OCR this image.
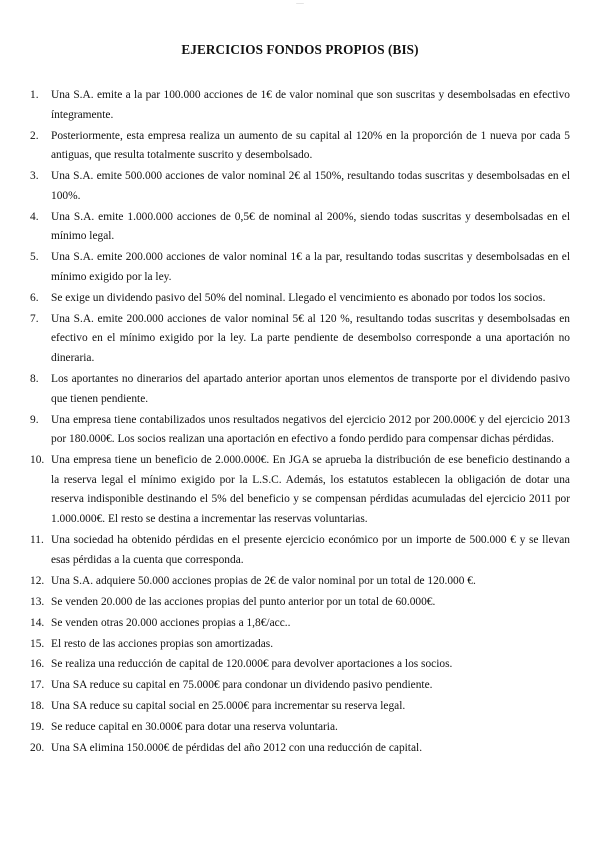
___
EJERCICIOS FONDOS PROPIOS (BIS)
1. Una S.A. emite a la par 100.000 acciones de 1€ de valor nominal que son suscritas y desembolsadas en efectivo íntegramente.
2. Posteriormente, esta empresa realiza un aumento de su capital al 120% en la proporción de 1 nueva por cada 5 antiguas, que resulta totalmente suscrito y desembolsado.
3. Una S.A. emite 500.000 acciones de valor nominal 2€ al 150%, resultando todas suscritas y desembolsadas en el 100%.
4. Una S.A. emite 1.000.000 acciones de 0,5€ de nominal al 200%, siendo todas suscritas y desembolsadas en el mínimo legal.
5. Una S.A. emite 200.000 acciones de valor nominal 1€ a la par, resultando todas suscritas y desembolsadas en el mínimo exigido por la ley.
6. Se exige un dividendo pasivo del 50% del nominal. Llegado el vencimiento es abonado por todos los socios.
7. Una S.A. emite 200.000 acciones de valor nominal 5€ al 120 %, resultando todas suscritas y desembolsadas en efectivo en el mínimo exigido por la ley. La parte pendiente de desembolso corresponde a una aportación no dineraria.
8. Los aportantes no dinerarios del apartado anterior aportan unos elementos de transporte por el dividendo pasivo que tienen pendiente.
9. Una empresa tiene contabilizados unos resultados negativos del ejercicio 2012 por 200.000€ y del ejercicio 2013 por 180.000€. Los socios realizan una aportación en efectivo a fondo perdido para compensar dichas pérdidas.
10. Una empresa tiene un beneficio de 2.000.000€. En JGA se aprueba la distribución de ese beneficio destinando a la reserva legal el mínimo exigido por la L.S.C. Además, los estatutos establecen la obligación de dotar una reserva indisponible destinando el 5% del beneficio y se compensan pérdidas acumuladas del ejercicio 2011 por 1.000.000€. El resto se destina a incrementar las reservas voluntarias.
11. Una sociedad ha obtenido pérdidas en el presente ejercicio económico por un importe de 500.000 € y se llevan esas pérdidas a la cuenta que corresponda.
12. Una S.A. adquiere 50.000 acciones propias de 2€ de valor nominal por un total de 120.000 €.
13. Se venden 20.000 de las acciones propias del punto anterior por un total de 60.000€.
14. Se venden otras 20.000 acciones propias a 1,8€/acc..
15. El resto de las acciones propias son amortizadas.
16. Se realiza una reducción de capital de 120.000€ para devolver aportaciones a los socios.
17. Una SA reduce su capital en 75.000€ para condonar un dividendo pasivo pendiente.
18. Una SA reduce su capital social en 25.000€ para incrementar su reserva legal.
19. Se reduce capital en 30.000€ para dotar una reserva voluntaria.
20. Una SA elimina 150.000€ de pérdidas del año 2012 con una reducción de capital.
